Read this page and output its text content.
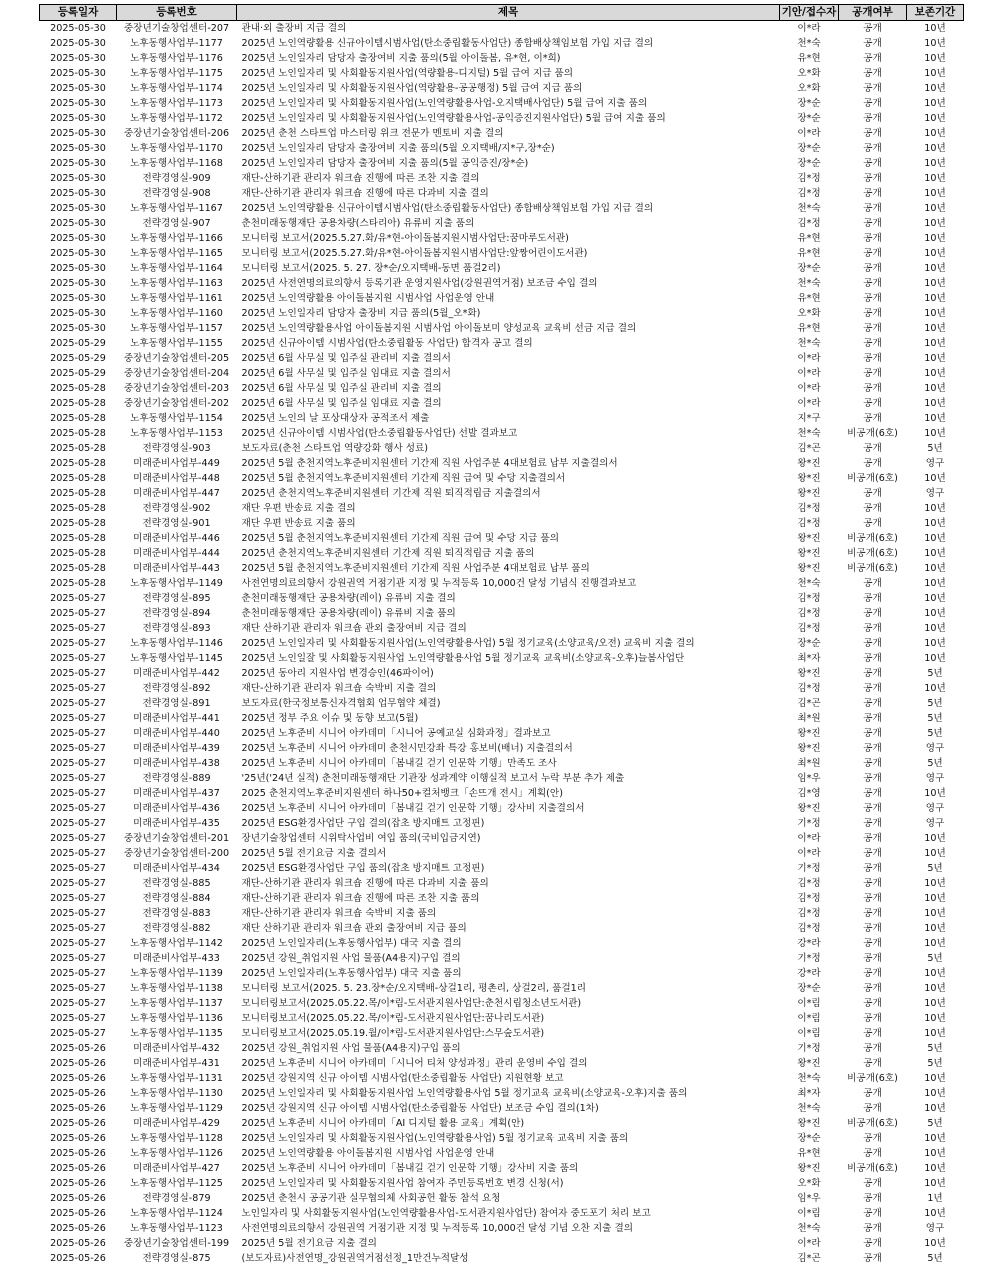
등록일자	등록번호	제목	기안/접수자	공개여부	보존기간
2025-05-30	중장년기술창업센터-207	관내·외 출장비 지급 결의	이*라	공개	10년
2025-05-30	노후동행사업부-1177	2025년 노인역량활용 신규아이템시범사업(탄소중립활동사업단) 종합배상책임보험 가입 지급 결의	천*숙	공개	10년
2025-05-30	노후동행사업부-1176	2025년 노인일자리 담당자 출장여비 지출 품의(5월 아이돌봄, 유*현, 이*희)	유*현	공개	10년
2025-05-30	노후동행사업부-1175	2025년 노인일자리 및 사회활동지원사업(역량활용-디지털) 5월 급여 지급 품의	오*화	공개	10년
2025-05-30	노후동행사업부-1174	2025년 노인일자리 및 사회활동지원사업(역량활용-공공행정) 5월 급여 지급 품의	오*화	공개	10년
2025-05-30	노후동행사업부-1173	2025년 노인일자리 및 사회활동지원사업(노인역량활용사업-오지택배사업단) 5월 급여 지출 품의	장*순	공개	10년
2025-05-30	노후동행사업부-1172	2025년 노인일자리 및 사회활동지원사업(노인역량활용사업-공익증진지원사업단) 5월 급여 지출 품의	장*순	공개	10년
2025-05-30	중장년기술창업센터-206	2025년 춘천 스타트업 마스터링 위크 전문가 멘토비 지출 결의	이*라	공개	10년
2025-05-30	노후동행사업부-1170	2025년 노인일자리 담당자 출장여비 지출 품의(5월 오지택배/지*구,장*순)	장*순	공개	10년
2025-05-30	노후동행사업부-1168	2025년 노인일자리 담당자 출장여비 지출 품의(5월 공익증진/장*순)	장*순	공개	10년
2025-05-30	전략경영실-909	재단-산하기관 관리자 워크숍 진행에 따른 조찬 지출 결의	김*정	공개	10년
2025-05-30	전략경영실-908	재단-산하기관 관리자 워크숍 진행에 따른 다과비 지출 결의	김*정	공개	10년
2025-05-30	노후동행사업부-1167	2025년 노인역량활용 신규아이템시범사업(탄소중립활동사업단) 종합배상책임보험 가입 지급 결의	천*숙	공개	10년
2025-05-30	전략경영실-907	춘천미래동행재단 공용차량(스타리아) 유류비 지출 품의	김*정	공개	10년
2025-05-30	노후동행사업부-1166	모니터링 보고서(2025.5.27.화/유*현-아이돌봄지원시범사업단:꿈마루도서관)	유*현	공개	10년
2025-05-30	노후동행사업부-1165	모니터링 보고서(2025.5.27.화/유*현-아이돌봄지원시범사업단:앞짱어린이도서관)	유*현	공개	10년
2025-05-30	노후동행사업부-1164	모니터링 보고서(2025. 5. 27. 장*순/오지택배-동면 품걸2리)	장*순	공개	10년
2025-05-30	노후동행사업부-1163	2025년 사전연명의료의향서 등록기관 운영지원사업(강원권역거점) 보조금 수입 결의	천*숙	공개	10년
2025-05-30	노후동행사업부-1161	2025년 노인역량활용 아이돌봄지원 시범사업 사업운영 안내	유*현	공개	10년
2025-05-30	노후동행사업부-1160	2025년 노인일자리 담당자 출장비 지급 품의(5월_오*화)	오*화	공개	10년
2025-05-30	노후동행사업부-1157	2025년 노인역량활용사업 아이돌봄지원 시범사업 아이돌보미 양성교육 교육비 선금 지급 결의	유*현	공개	10년
2025-05-29	노후동행사업부-1155	2025년 신규아이템 시범사업(탄소중립활동 사업단) 합격자 공고 결의	천*숙	공개	10년
2025-05-29	중장년기술창업센터-205	2025년 6월 사무실 및 입주실 관리비 지출 결의서	이*라	공개	10년
2025-05-29	중장년기술창업센터-204	2025년 6월 사무실 및 입주실 임대료 지출 결의서	이*라	공개	10년
2025-05-28	중장년기술창업센터-203	2025년 6월 사무실 및 입주실 관리비 지출 결의	이*라	공개	10년
2025-05-28	중장년기술창업센터-202	2025년 6월 사무실 및 입주실 임대료 지출 결의	이*라	공개	10년
2025-05-28	노후동행사업부-1154	2025년 노인의 날 포상대상자 공적조서 제출	지*구	공개	10년
2025-05-28	노후동행사업부-1153	2025년 신규아이템 시범사업(탄소중립활동사업단) 선발 결과보고	천*숙	비공개(6호)	10년
2025-05-28	전략경영실-903	보도자료(춘천 스타트업 역량강화 행사 성료)	김*곤	공개	5년
2025-05-28	미래준비사업부-449	2025년 5월 춘천지역노후준비지원센터 기간제 직원 사업주분 4대보험료 납부 지출결의서	왕*진	공개	영구
2025-05-28	미래준비사업부-448	2025년 5월 춘천지역노후준비지원센터 기간제 직원 급여 및 수당 지출결의서	왕*진	비공개(6호)	10년
2025-05-28	미래준비사업부-447	2025년 춘천지역노후준비지원센터 기간제 직원 퇴직적립금 지출결의서	왕*진	공개	영구
2025-05-28	전략경영실-902	재단 우편 반송료 지출 결의	김*정	공개	10년
2025-05-28	전략경영실-901	재단 우편 반송료 지출 품의	김*정	공개	10년
2025-05-28	미래준비사업부-446	2025년 5월 춘천지역노후준비지원센터 기간제 직원 급여 및 수당 지급 품의	왕*진	비공개(6호)	10년
2025-05-28	미래준비사업부-444	2025년 춘천지역노후준비지원센터 기간제 직원 퇴직적립금 지출 품의	왕*진	비공개(6호)	10년
2025-05-28	미래준비사업부-443	2025년 5월 춘천지역노후준비지원센터 기간제 직원 사업주분 4대보험료 납부 품의	왕*진	비공개(6호)	10년
2025-05-28	노후동행사업부-1149	사전연명의료의향서 강원권역 거점기관 지정 및 누적등록 10,000건 달성 기념식 진행결과보고	천*숙	공개	10년
2025-05-27	전략경영실-895	춘천미래동행재단 공용차량(레이) 유류비 지출 결의	김*정	공개	10년
2025-05-27	전략경영실-894	춘천미래동행재단 공용차량(레이) 유류비 지출 품의	김*정	공개	10년
2025-05-27	전략경영실-893	재단 산하기관 관리자 워크숍 관외 출장여비 지급 결의	김*정	공개	10년
2025-05-27	노후동행사업부-1146	2025년 노인일자리 및 사회활동지원사업(노인역량활용사업) 5월 정기교육(소양교육/오전) 교육비 지출 결의	장*순	공개	10년
2025-05-27	노후동행사업부-1145	2025년 노인일잘 및 사회활동지원사업 노인역량활용사업 5월 정기교육 교육비(소양교육-오후)늘봄사업단	최*자	공개	10년
2025-05-27	미래준비사업부-442	2025년 동아리 지원사업 변경승인(46파이어)	왕*진	공개	5년
2025-05-27	전략경영실-892	재단-산하기관 관리자 워크숍 숙박비 지출 결의	김*정	공개	10년
2025-05-27	전략경영실-891	보도자료(한국정보통신자격협회 업무협약 체결)	김*곤	공개	5년
2025-05-27	미래준비사업부-441	2025년 정부 주요 이슈 및 동향 보고(5월)	최*원	공개	5년
2025-05-27	미래준비사업부-440	2025년 노후준비 시니어 아카데미「시니어 공예교실 심화과정」결과보고	왕*진	공개	5년
2025-05-27	미래준비사업부-439	2025년 노후준비 시니어 아카데미 춘천시민강좌 특강 홍보비(배너) 지출결의서	왕*진	공개	영구
2025-05-27	미래준비사업부-438	2025년 노후준비 시니어 아카데미「봄내길 걷기 인문학 기행」만족도 조사	최*원	공개	5년
2025-05-27	전략경영실-889	'25년('24년 실적) 춘천미래동행재단 기관장 성과계약 이행실적 보고서 누락 부분 추가 제출	임*우	공개	영구
2025-05-27	미래준비사업부-437	2025 춘천지역노후준비지원센터 하나50+컬처뱅크「손뜨개 전시」계획(안)	김*영	공개	10년
2025-05-27	미래준비사업부-436	2025년 노후준비 시니어 아카데미「봄내길 걷기 인문학 기행」강사비 지출결의서	왕*진	공개	영구
2025-05-27	미래준비사업부-435	2025년 ESG환경사업단 구입 결의(잡초 방지매트 고정핀)	기*정	공개	영구
2025-05-27	중장년기술창업센터-201	장년기술창업센터 시위탁사업비 여입 품의(국비입금지연)	이*라	공개	10년
2025-05-27	중장년기술창업센터-200	2025년 5월 전기요금 지출 결의서	이*라	공개	10년
2025-05-27	미래준비사업부-434	2025년 ESG환경사업단 구입 품의(잡초 방지매트 고정핀)	기*정	공개	5년
2025-05-27	전략경영실-885	재단-산하기관 관리자 워크숍 진행에 따른 다과비 지출 품의	김*정	공개	10년
2025-05-27	전략경영실-884	재단-산하기관 관리자 워크숍 진행에 따른 조찬 지출 품의	김*정	공개	10년
2025-05-27	전략경영실-883	재단-산하기관 관리자 워크숍 숙박비 지출 품의	김*정	공개	10년
2025-05-27	전략경영실-882	재단 산하기관 관리자 워크숍 관외 출장여비 지급 품의	김*정	공개	10년
2025-05-27	노후동행사업부-1142	2025년 노인일자리(노후동행사업부) 대국 지출 결의	강*라	공개	10년
2025-05-27	미래준비사업부-433	2025년 강원_취업지원 사업 물품(A4용지)구입 결의	기*정	공개	5년
2025-05-27	노후동행사업부-1139	2025년 노인일자리(노후동행사업부) 대국 지출 품의	강*라	공개	10년
2025-05-27	노후동행사업부-1138	모니터링 보고서(2025. 5. 23.장*순/오지택배-상걸1리, 평촌리, 상걸2리, 품걸1리	장*순	공개	10년
2025-05-27	노후동행사업부-1137	모니터링보고서(2025.05.22.목/이*림-도서관지원사업단:춘천시립청소년도서관)	이*림	공개	10년
2025-05-27	노후동행사업부-1136	모니터링보고서(2025.05.22.목/이*림-도서관지원사업단:꿈나리도서관)	이*림	공개	10년
2025-05-27	노후동행사업부-1135	모니터링보고서(2025.05.19.월/이*림-도서관지원사업단:스무숲도서관)	이*림	공개	10년
2025-05-26	미래준비사업부-432	2025년 강원_취업지원 사업 물품(A4용지)구입 품의	기*정	공개	5년
2025-05-26	미래준비사업부-431	2025년 노후준비 시니어 아카데미「시니어 티처 양성과정」관리 운영비 수입 결의	왕*진	공개	5년
2025-05-26	노후동행사업부-1131	2025년 강원지역 신규 아이템 시범사업(탄소중립활동 사업단) 지원현황 보고	천*숙	비공개(6호)	10년
2025-05-26	노후동행사업부-1130	2025년 노인일자리 및 사회활동지원사업 노인역량활용사업 5월 정기교육 교육비(소양교육-오후)지출 품의	최*자	공개	10년
2025-05-26	노후동행사업부-1129	2025년 강원지역 신규 아이템 시범사업(탄소중립활동 사업단) 보조금 수입 결의(1차)	천*숙	공개	10년
2025-05-26	미래준비사업부-429	2025년 노후준비 시니어 아카데미「AI 디지털 활용 교육」계획(안)	왕*진	비공개(6호)	5년
2025-05-26	노후동행사업부-1128	2025년 노인일자리 및 사회활동지원사업(노인역량활용사업) 5월 정기교육 교육비 지출 품의	장*순	공개	10년
2025-05-26	노후동행사업부-1126	2025년 노인역량활용 아이돌봄지원 시범사업 사업운영 안내	유*현	공개	10년
2025-05-26	미래준비사업부-427	2025년 노후준비 시니어 아카데미「봄내길 걷기 인문학 기행」강사비 지출 품의	왕*진	비공개(6호)	10년
2025-05-26	노후동행사업부-1125	2025년 노인일자리 및 사회활동지원사업 참여자 주민등록번호 변경 신청(서)	오*화	공개	10년
2025-05-26	전략경영실-879	2025년 춘천시 공공기관 실무협의체 사회공헌 활동 참석 요청	임*우	공개	1년
2025-05-26	노후동행사업부-1124	노인일자리 및 사회활동지원사업(노인역량활용사업-도서관지원사업단) 참여자 중도포기 처리 보고	이*림	공개	10년
2025-05-26	노후동행사업부-1123	사전연명의료의향서 강원권역 거점기관 지정 및 누적등록 10,000건 달성 기념 오찬 지출 결의	천*숙	공개	영구
2025-05-26	중장년기술창업센터-199	2025년 5월 전기요금 지출 결의	이*라	공개	10년
2025-05-26	전략경영실-875	(보도자료)사전연명_강원권역거점선정_1만건누적달성	김*곤	공개	5년
